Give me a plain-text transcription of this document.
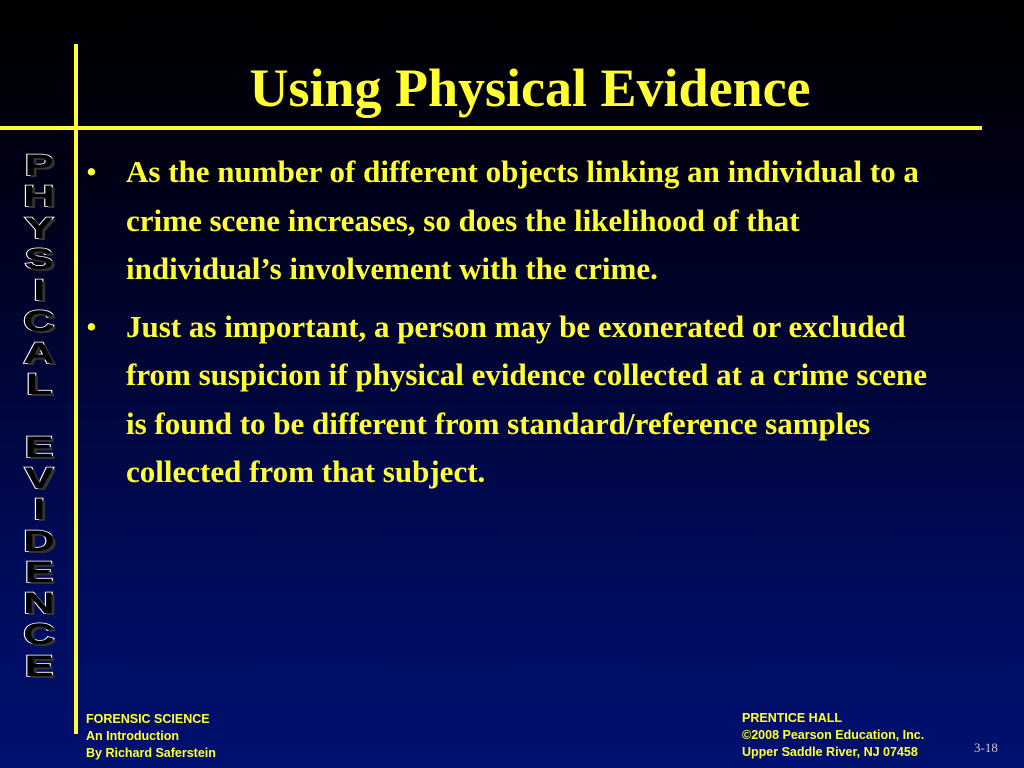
Using Physical Evidence
P
H
Y
S
I
C
A
L
E
V
I
D
E
N
C
E
• As the number of different objects linking an individual to a crime scene increases, so does the likelihood of that individual’s involvement with the crime.
• Just as important, a person may be exonerated or excluded from suspicion if physical evidence collected at a crime scene is found to be different from standard/reference samples collected from that subject.
FORENSIC SCIENCE
An Introduction
By Richard Saferstein
PRENTICE HALL
©2008 Pearson Education, Inc.
Upper Saddle River, NJ 07458	3-18
